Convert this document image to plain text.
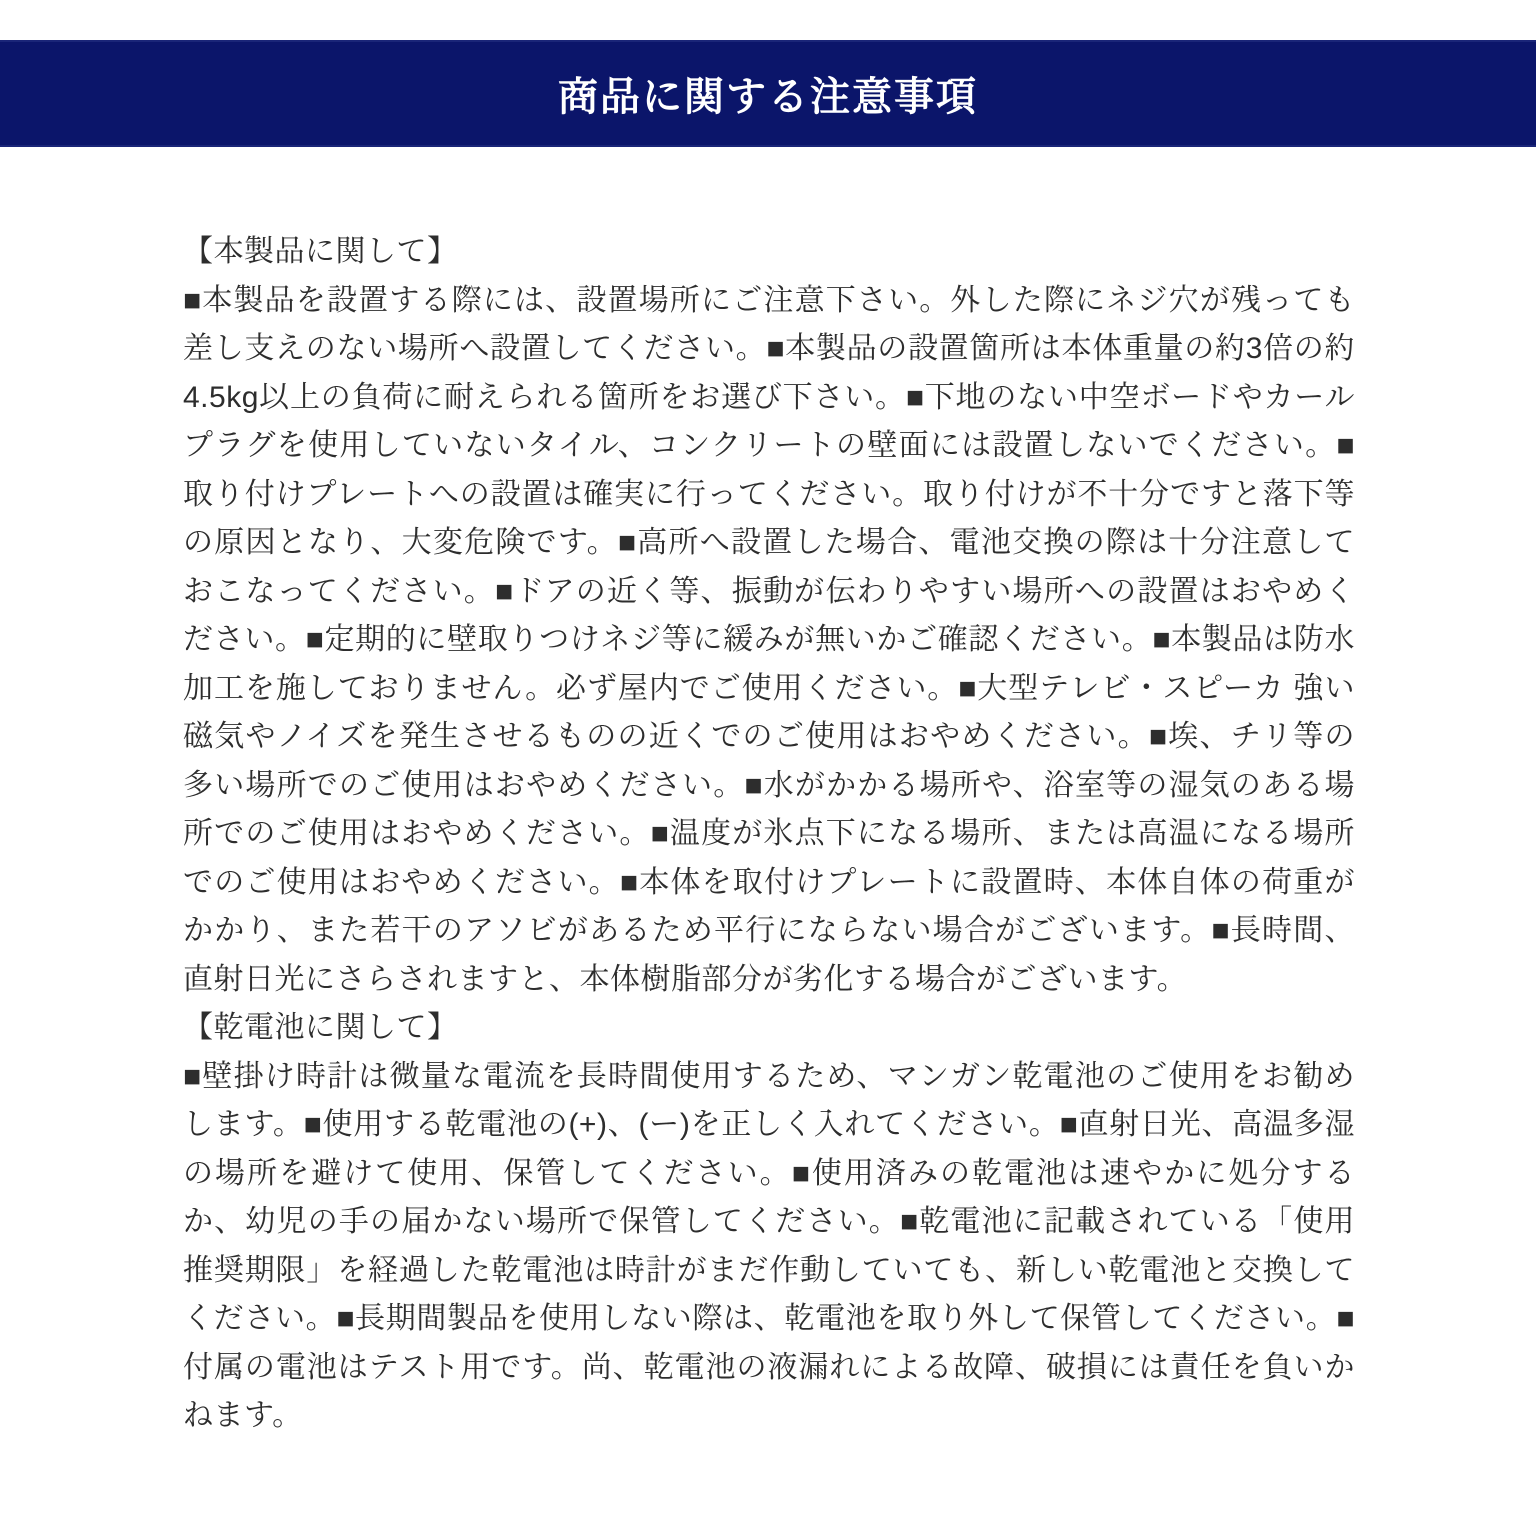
商品に関する注意事項
【本製品に関して】
■本製品を設置する際には、設置場所にご注意下さい。外した際にネジ穴が残っても差し支えのない場所へ設置してください。■本製品の設置箇所は本体重量の約3倍の約4.5kg以上の負荷に耐えられる箇所をお選び下さい。■下地のない中空ボードやカールプラグを使用していないタイル、コンクリートの壁面には設置しないでください。■取り付けプレートへの設置は確実に行ってください。取り付けが不十分ですと落下等の原因となり、大変危険です。■高所へ設置した場合、電池交換の際は十分注意しておこなってください。■ドアの近く等、振動が伝わりやすい場所への設置はおやめください。■定期的に壁取りつけネジ等に緩みが無いかご確認ください。■本製品は防水加工を施しておりません。必ず屋内でご使用ください。■大型テレビ・スピーカ 強い磁気やノイズを発生させるものの近くでのご使用はおやめください。■埃、チリ等の多い場所でのご使用はおやめください。■水がかかる場所や、浴室等の湿気のある場所でのご使用はおやめください。■温度が氷点下になる場所、または高温になる場所でのご使用はおやめください。■本体を取付けプレートに設置時、本体自体の荷重がかかり、また若干のアソビがあるため平行にならない場合がございます。■長時間、直射日光にさらされますと、本体樹脂部分が劣化する場合がございます。
【乾電池に関して】
■壁掛け時計は微量な電流を長時間使用するため、マンガン乾電池のご使用をお勧めします。■使用する乾電池の(+)、(ー)を正しく入れてください。■直射日光、高温多湿の場所を避けて使用、保管してください。■使用済みの乾電池は速やかに処分するか、幼児の手の届かない場所で保管してください。■乾電池に記載されている「使用推奨期限」を経過した乾電池は時計がまだ作動していても、新しい乾電池と交換してください。■長期間製品を使用しない際は、乾電池を取り外して保管してください。■付属の電池はテスト用です。尚、乾電池の液漏れによる故障、破損には責任を負いかねます。
